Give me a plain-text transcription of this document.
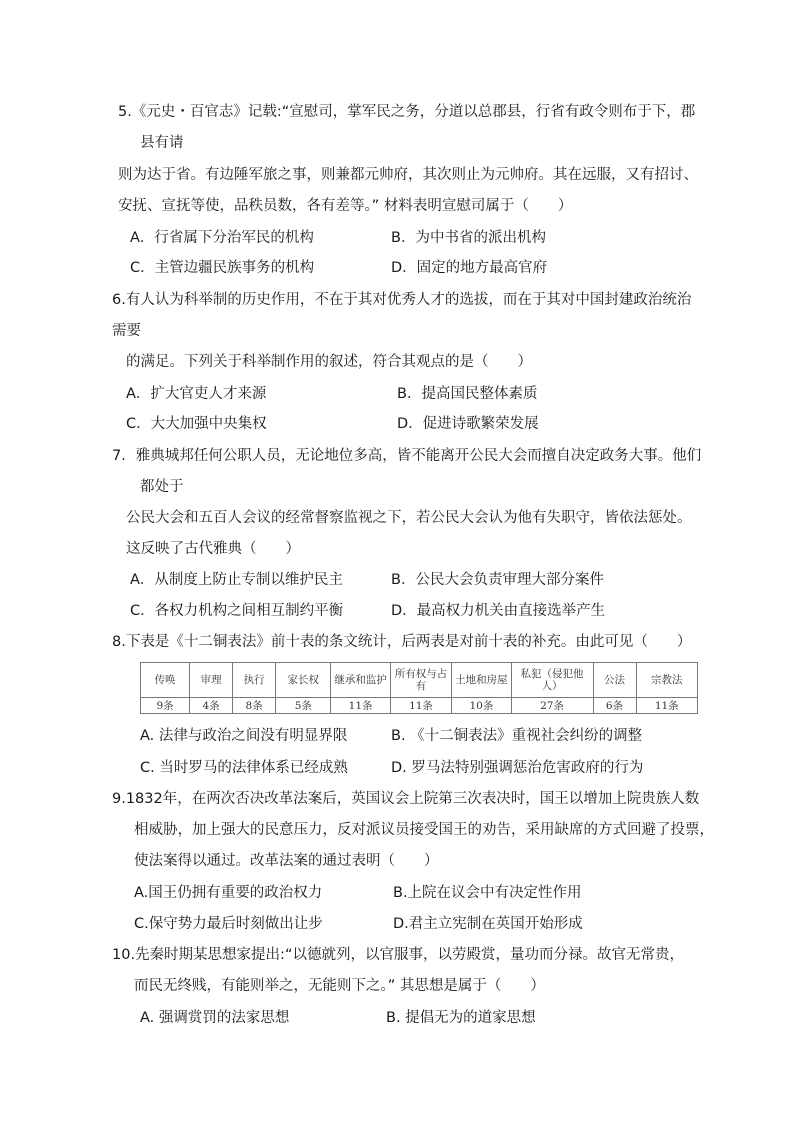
5.《元史・百官志》记载:“宣慰司，掌军民之务，分道以总郡县，行省有政令则布于下，郡
县有请
则为达于省。有边陲军旅之事，则兼都元帅府，其次则止为元帅府。其在远服，又有招讨、
安抚、宣抚等使，品秩员数，各有差等。” 材料表明宣慰司属于（　　）
A．行省属下分治军民的机构	B．为中书省的派出机构
C．主管边疆民族事务的机构	D．固定的地方最高官府
6.有人认为科举制的历史作用，不在于其对优秀人才的选拔，而在于其对中国封建政治统治
需要
的满足。下列关于科举制作用的叙述，符合其观点的是（　　）
A．扩大官吏人才来源	B．提高国民整体素质
C．大大加强中央集权	D．促进诗歌繁荣发展
7．雅典城邦任何公职人员，无论地位多高，皆不能离开公民大会而擅自决定政务大事。他们
都处于
公民大会和五百人会议的经常督察监视之下，若公民大会认为他有失职守，皆依法惩处。
这反映了古代雅典（　　）
A．从制度上防止专制以维护民主	B．公民大会负责审理大部分案件
C．各权力机构之间相互制约平衡	D．最高权力机关由直接选举产生
8.下表是《十二铜表法》前十表的条文统计，后两表是对前十表的补充。由此可见（　　）
传唤	审理	执行	家长权	继承和监护	所有权与占有	土地和房屋	私犯（侵犯他人）	公法	宗教法
9条	4条	8条	5条	11条	11条	10条	27条	6条	11条
A. 法律与政治之间没有明显界限	B. 《十二铜表法》重视社会纠纷的调整
C. 当时罗马的法律体系已经成熟	D. 罗马法特别强调惩治危害政府的行为
9.1832年，在两次否决改革法案后，英国议会上院第三次表决时，国王以增加上院贵族人数
相威胁，加上强大的民意压力，反对派议员接受国王的劝告，采用缺席的方式回避了投票，
使法案得以通过。改革法案的通过表明（　　）
A.国王仍拥有重要的政治权力	B.上院在议会中有决定性作用
C.保守势力最后时刻做出让步	D.君主立宪制在英国开始形成
10.先秦时期某思想家提出:“以德就列，以官服事，以劳殿赏，量功而分禄。故官无常贵，
而民无终贱，有能则举之，无能则下之。” 其思想是属于（　　）
A. 强调赏罚的法家思想	B. 提倡无为的道家思想
